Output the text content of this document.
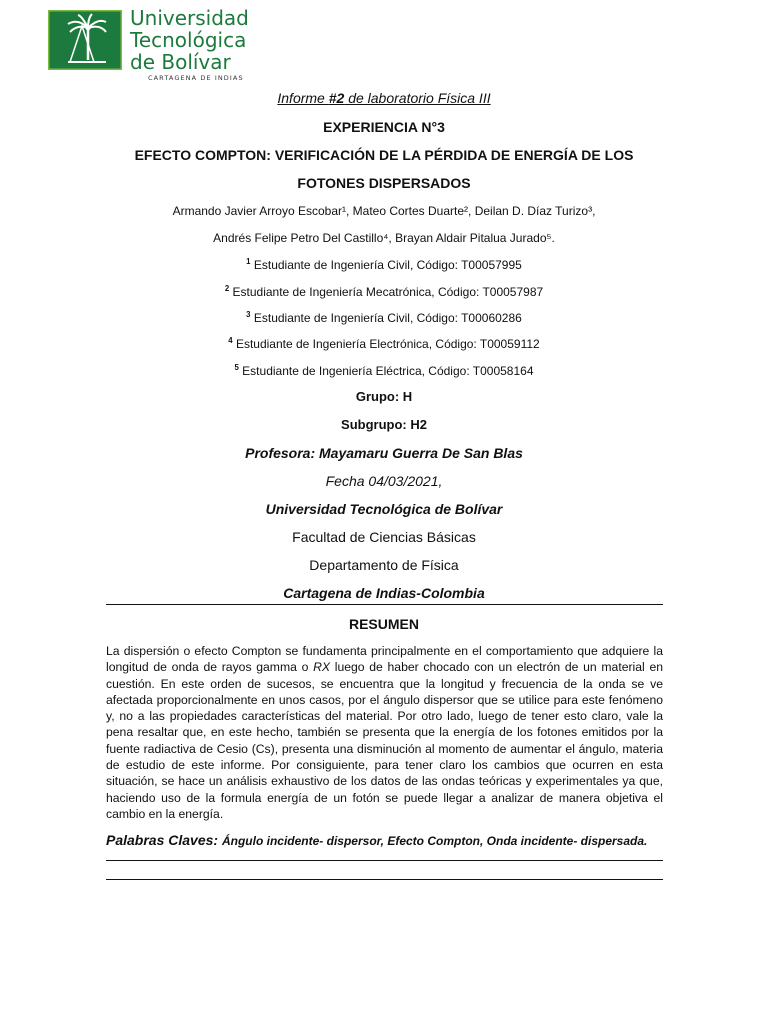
Universidad
Tecnológica
de Bolívar
CARTAGENA DE INDIAS
Informe #2 de laboratorio Física III
EXPERIENCIA N°3
EFECTO COMPTON: VERIFICACIÓN DE LA PÉRDIDA DE ENERGÍA DE LOS
FOTONES DISPERSADOS
Armando Javier Arroyo Escobar¹, Mateo Cortes Duarte², Deilan D. Díaz Turizo³,
Andrés Felipe Petro Del Castillo⁴, Brayan Aldair Pitalua Jurado⁵.
$^1$ Estudiante de Ingeniería Civil, Código: T00057995
$^2$ Estudiante de Ingeniería Mecatrónica, Código: T00057987
$^3$ Estudiante de Ingeniería Civil, Código: T00060286
$^4$ Estudiante de Ingeniería Electrónica, Código: T00059112
$^5$ Estudiante de Ingeniería Eléctrica, Código: T00058164
Grupo: H
Subgrupo: H2
Profesora: Mayamaru Guerra De San Blas
Fecha 04/03/2021,
Universidad Tecnológica de Bolívar
Facultad de Ciencias Básicas
Departamento de Física
Cartagena de Indias-Colombia
RESUMEN
La dispersión o efecto Compton se fundamenta principalmente en el comportamiento que adquiere la longitud de onda de rayos gamma o RX luego de haber chocado con un electrón de un material en cuestión. En este orden de sucesos, se encuentra que la longitud y frecuencia de la onda se ve afectada proporcionalmente en unos casos, por el ángulo dispersor que se utilice para este fenómeno y, no a las propiedades características del material. Por otro lado, luego de tener esto claro, vale la pena resaltar que, en este hecho, también se presenta que la energía de los fotones emitidos por la fuente radiactiva de Cesio (Cs), presenta una disminución al momento de aumentar el ángulo, materia de estudio de este informe. Por consiguiente, para tener claro los cambios que ocurren en esta situación, se hace un análisis exhaustivo de los datos de las ondas teóricas y experimentales ya que, haciendo uso de la formula energía de un fotón se puede llegar a analizar de manera objetiva el cambio en la energía.
Palabras Claves: Ángulo incidente- dispersor, Efecto Compton, Onda incidente- dispersada.
